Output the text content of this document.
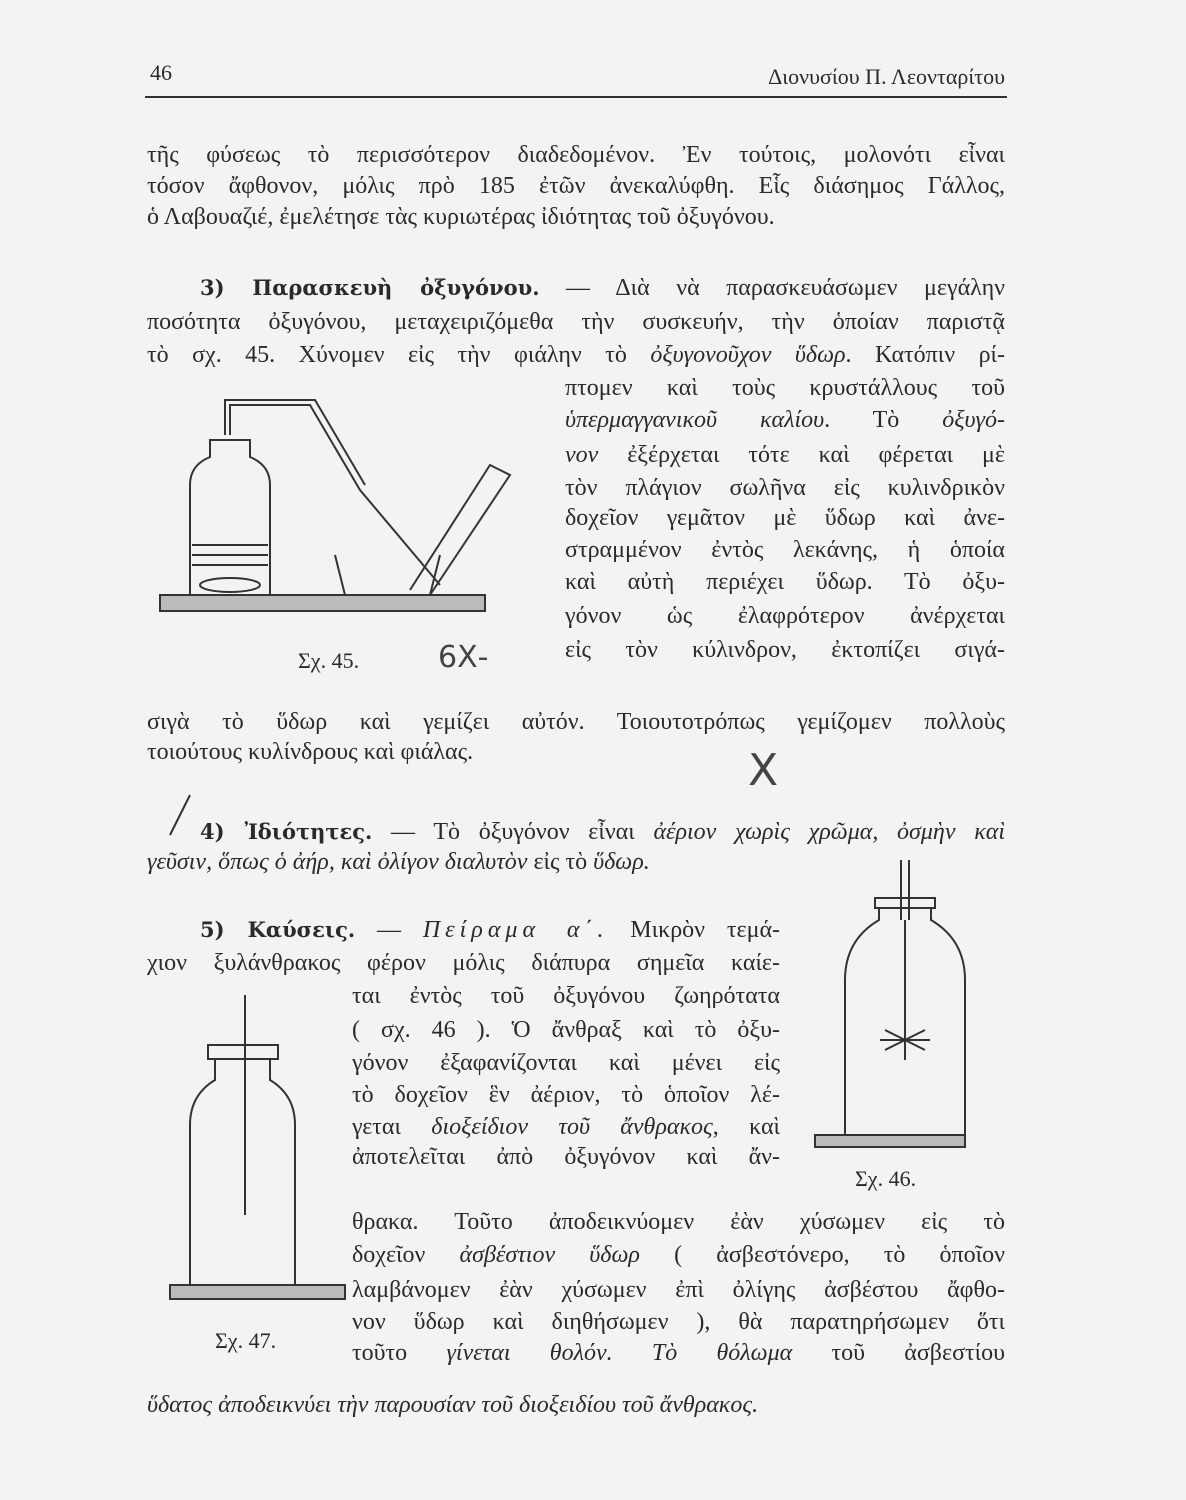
46	Διονυσίου Π. Λεονταρίτου
τῆς φύσεως τὸ περισσότερον διαδεδομένον. Ἐν τούτοις, μολονότι εἶναι
τόσον ἄφθονον, μόλις πρὸ 185 ἐτῶν ἀνεκαλύφθη. Εἷς διάσημος Γάλλος,
ὁ Λαβουαζιέ, ἐμελέτησε τὰς κυριωτέρας ἰδιότητας τοῦ ὀξυγόνου.
3) Παρασκευὴ ὀξυγόνου. — Διὰ νὰ παρασκευάσωμεν μεγάλην
ποσότητα ὀξυγόνου, μεταχειριζόμεθα τὴν συσκευήν, τὴν ὁποίαν παριστᾷ
τὸ σχ. 45. Χύνομεν εἰς τὴν φιάλην τὸ ὀξυγονοῦχον ὕδωρ. Κατόπιν ρί-
πτομεν καὶ τοὺς κρυστάλλους τοῦ
ὑπερμαγγανικοῦ καλίου. Τὸ ὀξυγό-
νον ἐξέρχεται τότε καὶ φέρεται μὲ
τὸν πλάγιον σωλῆνα εἰς κυλινδρικὸν
δοχεῖον γεμᾶτον μὲ ὕδωρ καὶ ἀνε-
στραμμένον ἐντὸς λεκάνης, ἡ ὁποία
καὶ αὐτὴ περιέχει ὕδωρ. Τὸ ὀξυ-
γόνον ὡς ἐλαφρότερον ἀνέρχεται
εἰς τὸν κύλινδρον, ἐκτοπίζει σιγά-
σιγὰ τὸ ὕδωρ καὶ γεμίζει αὐτόν. Τοιουτοτρόπως γεμίζομεν πολλοὺς
τοιούτους κυλίνδρους καὶ φιάλας.
4) Ἰδιότητες. — Τὸ ὀξυγόνον εἶναι ἀέριον χωρὶς χρῶμα, ὀσμὴν καὶ
γεῦσιν, ὅπως ὁ ἀήρ, καὶ ὀλίγον διαλυτὸν εἰς τὸ ὕδωρ.
5) Καύσεις. — Πείραμα α΄. Μικρὸν τεμά-
χιον ξυλάνθρακος φέρον μόλις διάπυρα σημεῖα καίε-
ται ἐντὸς τοῦ ὀξυγόνου ζωηρότατα
( σχ. 46 ). Ὁ ἄνθραξ καὶ τὸ ὀξυ-
γόνον ἐξαφανίζονται καὶ μένει εἰς
τὸ δοχεῖον ἓν ἀέριον, τὸ ὁποῖον λέ-
γεται διοξείδιον τοῦ ἄνθρακος, καὶ
ἀποτελεῖται ἀπὸ ὀξυγόνον καὶ ἄν-
θρακα. Τοῦτο ἀποδεικνύομεν ἐὰν χύσωμεν εἰς τὸ
δοχεῖον ἀσβέστιον ὕδωρ ( ἀσβεστόνερο, τὸ ὁποῖον
λαμβάνομεν ἐὰν χύσωμεν ἐπὶ ὀλίγης ἀσβέστου ἄφθο-
νον ὕδωρ καὶ διηθήσωμεν ), θὰ παρατηρήσωμεν ὅτι
τοῦτο γίνεται θολόν. Τὸ θόλωμα τοῦ ἀσβεστίου
ὕδατος ἀποδεικνύει τὴν παρουσίαν τοῦ διοξειδίου τοῦ ἄνθρακος.
Σχ. 45.	6Χ-
X
Σχ. 46.
Σχ. 47.
